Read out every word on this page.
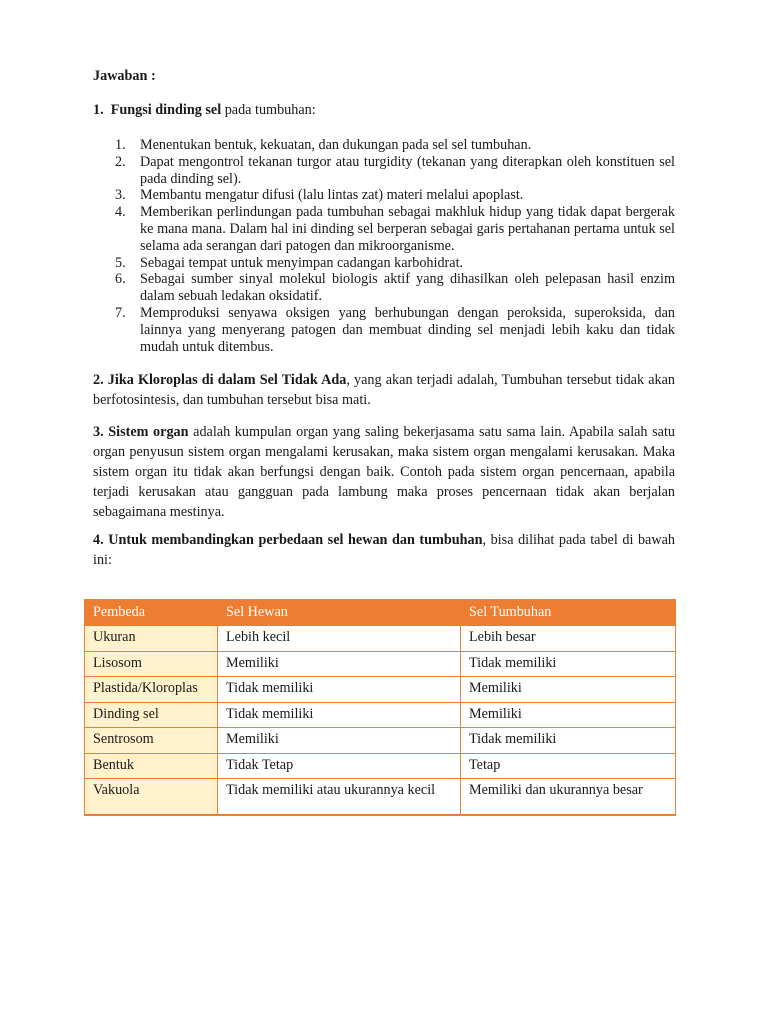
Jawaban :
1. Fungsi dinding sel pada tumbuhan:
1.	Menentukan bentuk, kekuatan, dan dukungan pada sel sel tumbuhan.
2.	Dapat mengontrol tekanan turgor atau turgidity (tekanan yang diterapkan oleh konstituen sel pada dinding sel).
3.	Membantu mengatur difusi (lalu lintas zat) materi melalui apoplast.
4.	Memberikan perlindungan pada tumbuhan sebagai makhluk hidup yang tidak dapat bergerak ke mana mana. Dalam hal ini dinding sel berperan sebagai garis pertahanan pertama untuk sel selama ada serangan dari patogen dan mikroorganisme.
5.	Sebagai tempat untuk menyimpan cadangan karbohidrat.
6.	Sebagai sumber sinyal molekul biologis aktif yang dihasilkan oleh pelepasan hasil enzim dalam sebuah ledakan oksidatif.
7.	Memproduksi senyawa oksigen yang berhubungan dengan peroksida, superoksida, dan lainnya yang menyerang patogen dan membuat dinding sel menjadi lebih kaku dan tidak mudah untuk ditembus.
2. Jika Kloroplas di dalam Sel Tidak Ada, yang akan terjadi adalah, Tumbuhan tersebut tidak akan berfotosintesis, dan tumbuhan tersebut bisa mati.
3. Sistem organ adalah kumpulan organ yang saling bekerjasama satu sama lain. Apabila salah satu organ penyusun sistem organ mengalami kerusakan, maka sistem organ mengalami kerusakan. Maka sistem organ itu tidak akan berfungsi dengan baik. Contoh pada sistem organ pencernaan, apabila terjadi kerusakan atau gangguan pada lambung maka proses pencernaan tidak akan berjalan sebagaimana mestinya.
4. Untuk membandingkan perbedaan sel hewan dan tumbuhan, bisa dilihat pada tabel di bawah ini:
Pembeda	Sel Hewan	Sel Tumbuhan
Ukuran	Lebih kecil	Lebih besar
Lisosom	Memiliki	Tidak memiliki
Plastida/Kloroplas	Tidak memiliki	Memiliki
Dinding sel	Tidak memiliki	Memiliki
Sentrosom	Memiliki	Tidak memiliki
Bentuk	Tidak Tetap	Tetap
Vakuola	Tidak memiliki atau ukurannya kecil	Memiliki dan ukurannya besar
